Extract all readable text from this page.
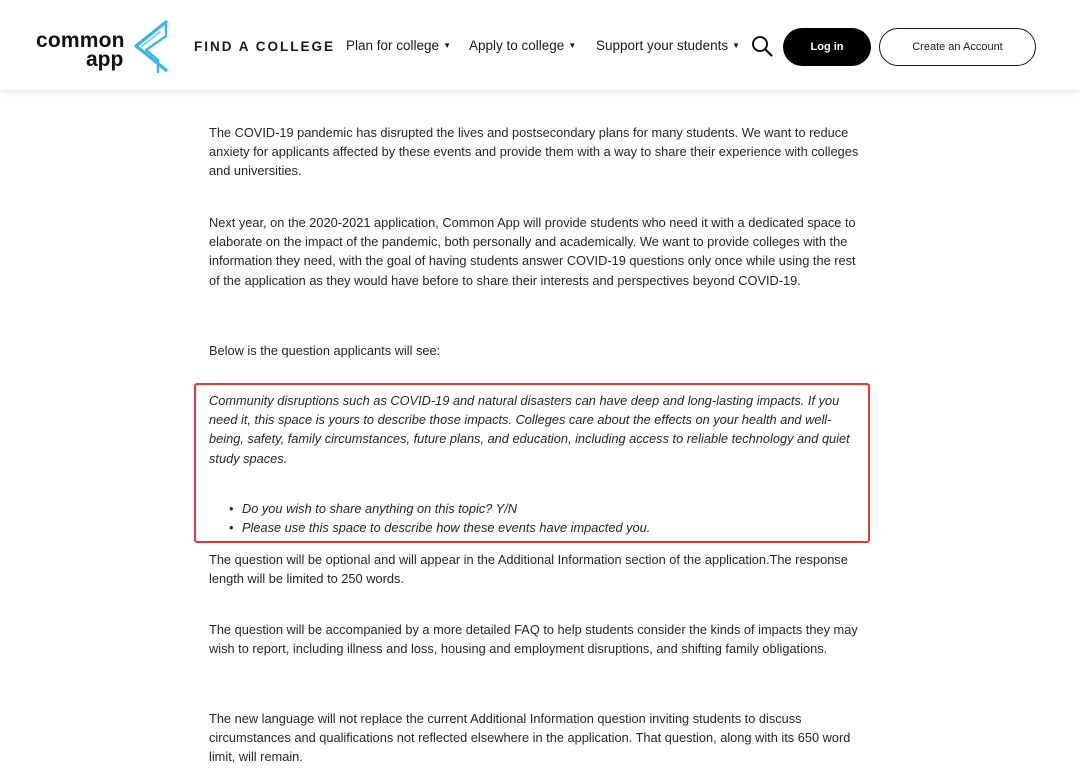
common
app
FIND A COLLEGE Plan for college ▼ Apply to college ▼ Support your students ▼	Log in	Create an Account

The COVID-19 pandemic has disrupted the lives and postsecondary plans for many students. We want to reduce anxiety for applicants affected by these events and provide them with a way to share their experience with colleges and universities.

Next year, on the 2020-2021 application, Common App will provide students who need it with a dedicated space to elaborate on the impact of the pandemic, both personally and academically. We want to provide colleges with the information they need, with the goal of having students answer COVID-19 questions only once while using the rest of the application as they would have before to share their interests and perspectives beyond COVID-19.

Below is the question applicants will see:

Community disruptions such as COVID-19 and natural disasters can have deep and long-lasting impacts. If you need it, this space is yours to describe those impacts. Colleges care about the effects on your health and well-being, safety, family circumstances, future plans, and education, including access to reliable technology and quiet study spaces.

• Do you wish to share anything on this topic? Y/N
• Please use this space to describe how these events have impacted you.

The question will be optional and will appear in the Additional Information section of the application.The response length will be limited to 250 words.

The question will be accompanied by a more detailed FAQ to help students consider the kinds of impacts they may wish to report, including illness and loss, housing and employment disruptions, and shifting family obligations.

The new language will not replace the current Additional Information question inviting students to discuss circumstances and qualifications not reflected elsewhere in the application. That question, along with its 650 word limit, will remain.
